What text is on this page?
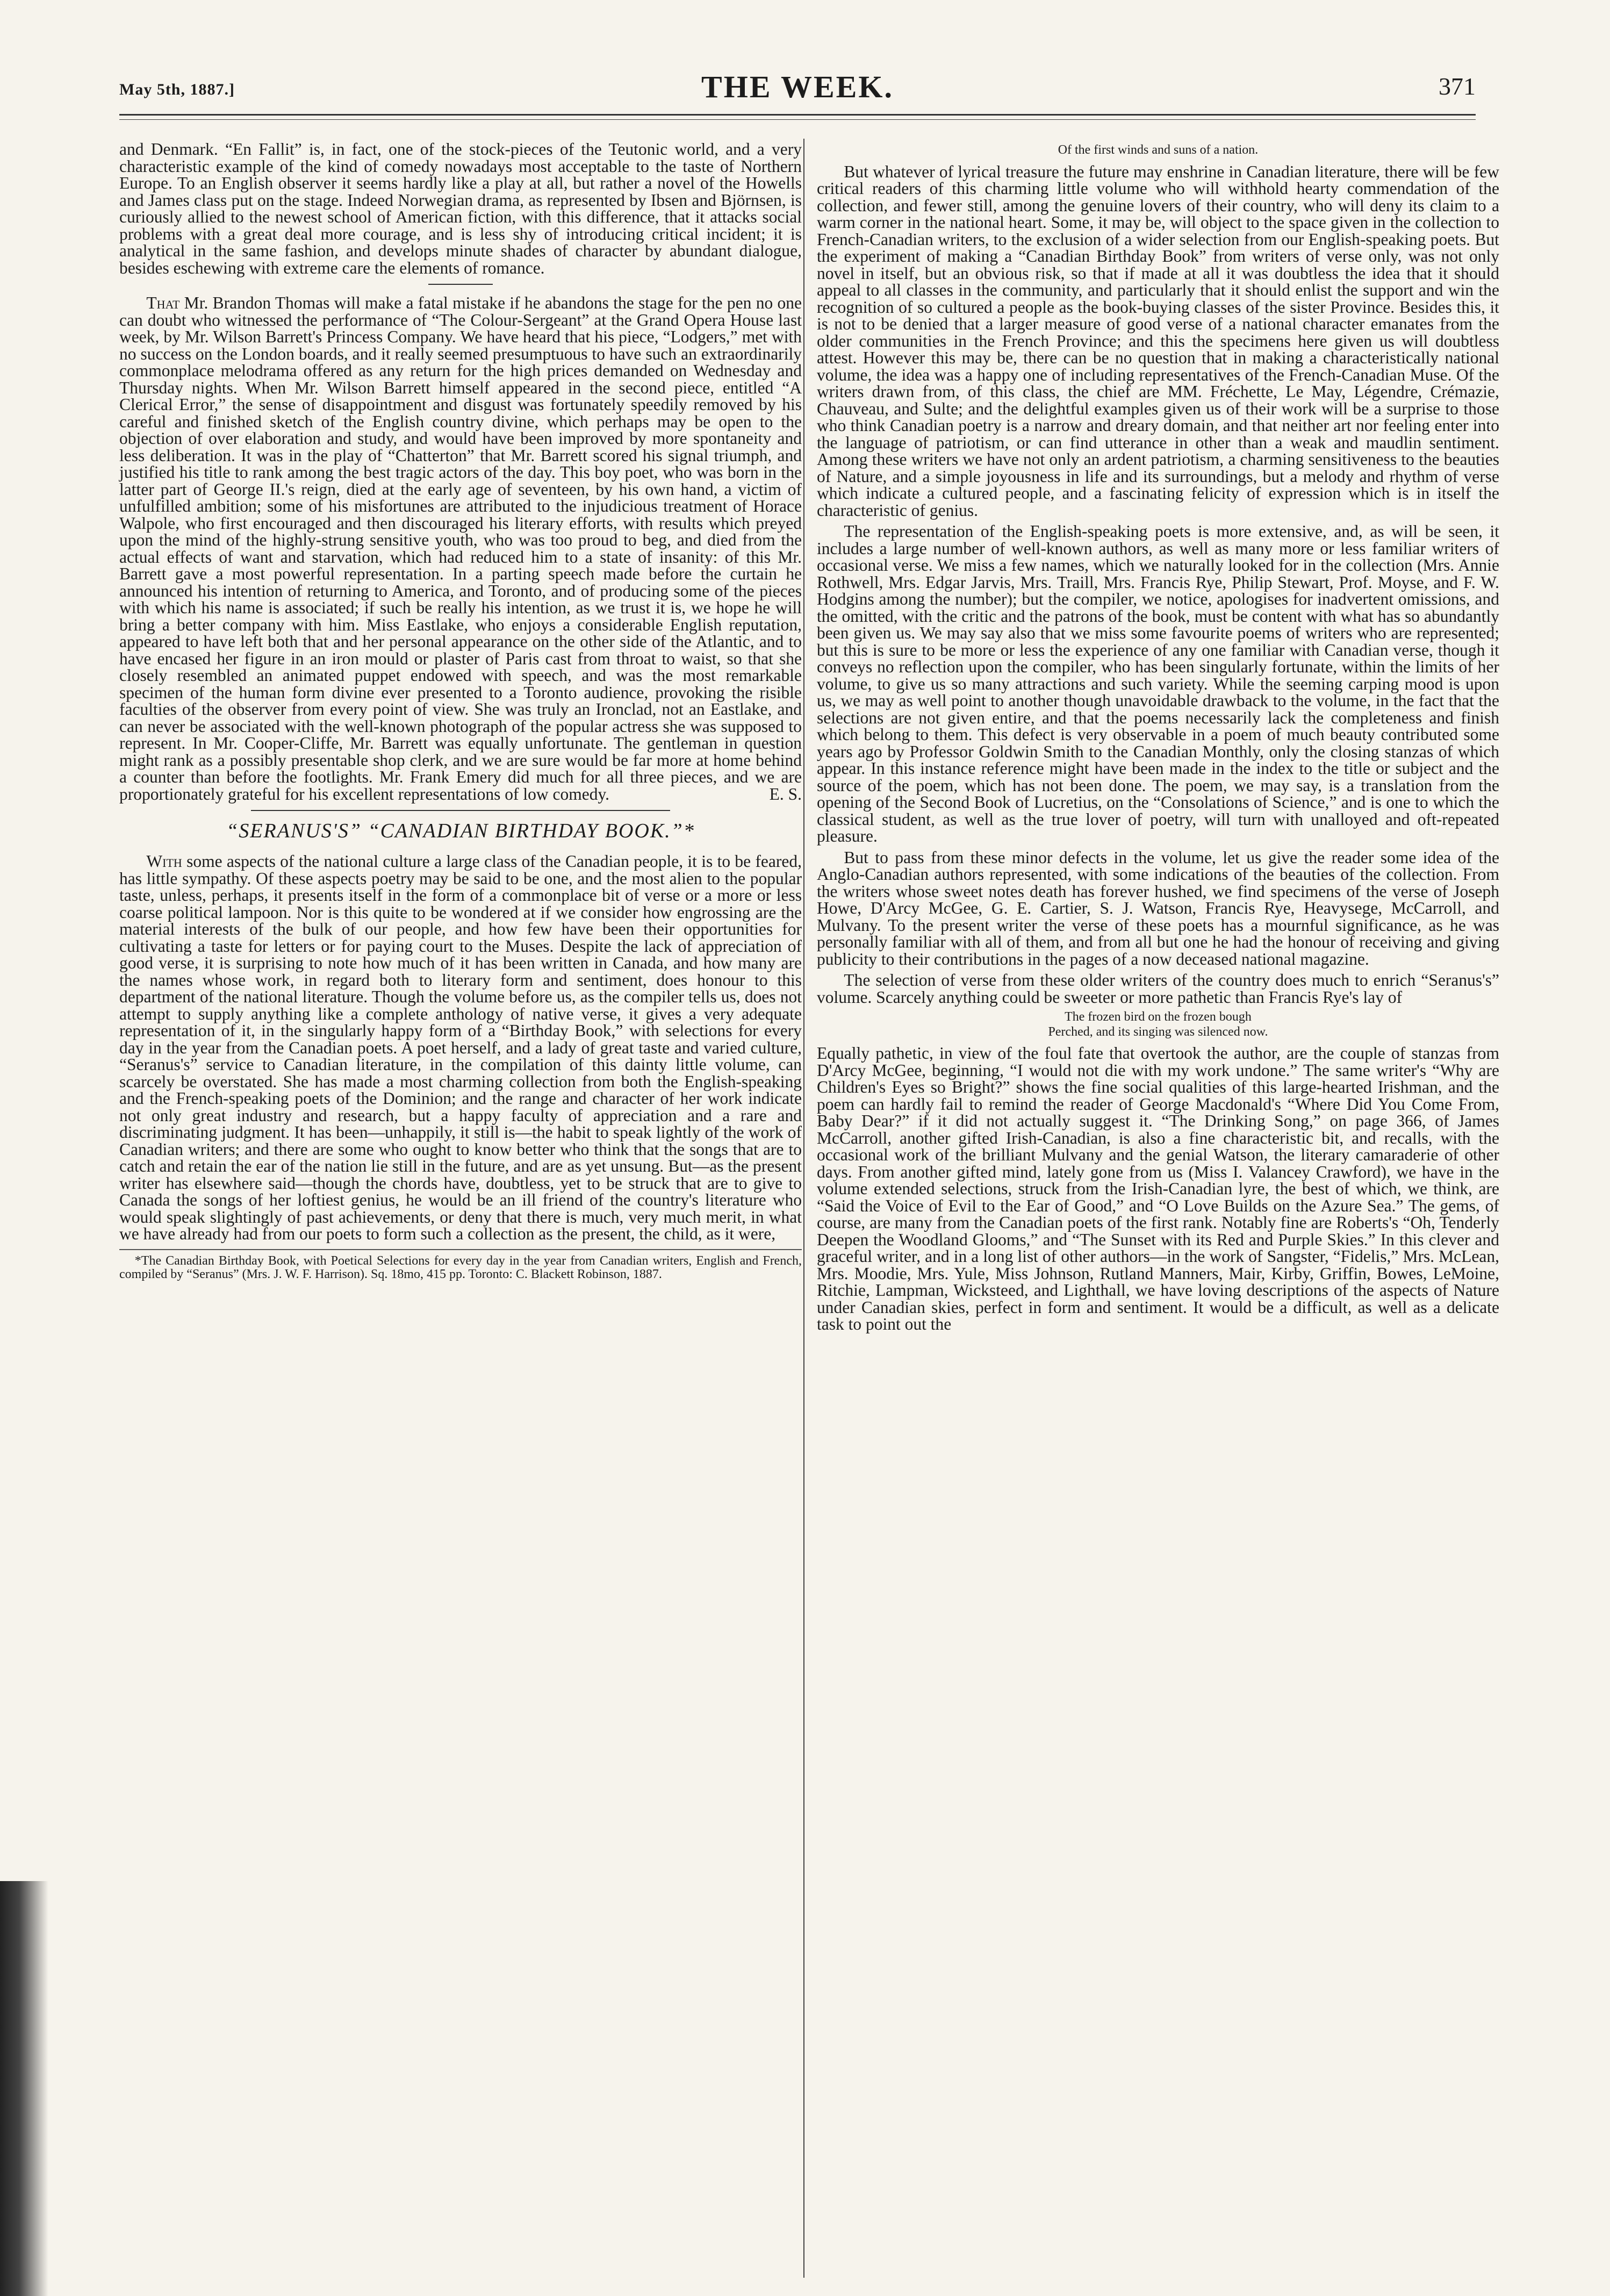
May 5th, 1887.]	THE WEEK.	371

and Denmark. “En Fallit” is, in fact, one of the stock-pieces of the Teutonic world, and a very characteristic example of the kind of comedy nowadays most acceptable to the taste of Northern Europe. To an English observer it seems hardly like a play at all, but rather a novel of the Howells and James class put on the stage. Indeed Norwegian drama, as represented by Ibsen and Björnsen, is curiously allied to the newest school of American fiction, with this difference, that it attacks social problems with a great deal more courage, and is less shy of introducing critical incident; it is analytical in the same fashion, and develops minute shades of character by abundant dialogue, besides eschewing with extreme care the elements of romance.

That Mr. Brandon Thomas will make a fatal mistake if he abandons the stage for the pen no one can doubt who witnessed the performance of “The Colour-Sergeant” at the Grand Opera House last week, by Mr. Wilson Barrett's Princess Company. We have heard that his piece, “Lodgers,” met with no success on the London boards, and it really seemed presumptuous to have such an extraordinarily commonplace melodrama offered as any return for the high prices demanded on Wednesday and Thursday nights. When Mr. Wilson Barrett himself appeared in the second piece, entitled “A Clerical Error,” the sense of disappointment and disgust was fortunately speedily removed by his careful and finished sketch of the English country divine, which perhaps may be open to the objection of over elaboration and study, and would have been improved by more spontaneity and less deliberation. It was in the play of “Chatterton” that Mr. Barrett scored his signal triumph, and justified his title to rank among the best tragic actors of the day. This boy poet, who was born in the latter part of George II.'s reign, died at the early age of seventeen, by his own hand, a victim of unfulfilled ambition; some of his misfortunes are attributed to the injudicious treatment of Horace Walpole, who first encouraged and then discouraged his literary efforts, with results which preyed upon the mind of the highly-strung sensitive youth, who was too proud to beg, and died from the actual effects of want and starvation, which had reduced him to a state of insanity: of this Mr. Barrett gave a most powerful representation. In a parting speech made before the curtain he announced his intention of returning to America, and Toronto, and of producing some of the pieces with which his name is associated; if such be really his intention, as we trust it is, we hope he will bring a better company with him. Miss Eastlake, who enjoys a considerable English reputation, appeared to have left both that and her personal appearance on the other side of the Atlantic, and to have encased her figure in an iron mould or plaster of Paris cast from throat to waist, so that she closely resembled an animated puppet endowed with speech, and was the most remarkable specimen of the human form divine ever presented to a Toronto audience, provoking the risible faculties of the observer from every point of view. She was truly an Ironclad, not an Eastlake, and can never be associated with the well-known photograph of the popular actress she was supposed to represent. In Mr. Cooper-Cliffe, Mr. Barrett was equally unfortunate. The gentleman in question might rank as a possibly presentable shop clerk, and we are sure would be far more at home behind a counter than before the footlights. Mr. Frank Emery did much for all three pieces, and we are proportionately grateful for his excellent representations of low comedy.	E. S.

“SERANUS'S” “CANADIAN BIRTHDAY BOOK.”*

With some aspects of the national culture a large class of the Canadian people, it is to be feared, has little sympathy. Of these aspects poetry may be said to be one, and the most alien to the popular taste, unless, perhaps, it presents itself in the form of a commonplace bit of verse or a more or less coarse political lampoon. Nor is this quite to be wondered at if we consider how engrossing are the material interests of the bulk of our people, and how few have been their opportunities for cultivating a taste for letters or for paying court to the Muses. Despite the lack of appreciation of good verse, it is surprising to note how much of it has been written in Canada, and how many are the names whose work, in regard both to literary form and sentiment, does honour to this department of the national literature. Though the volume before us, as the compiler tells us, does not attempt to supply anything like a complete anthology of native verse, it gives a very adequate representation of it, in the singularly happy form of a “Birthday Book,” with selections for every day in the year from the Canadian poets. A poet herself, and a lady of great taste and varied culture, “Seranus's” service to Canadian literature, in the compilation of this dainty little volume, can scarcely be overstated. She has made a most charming collection from both the English-speaking and the French-speaking poets of the Dominion; and the range and character of her work indicate not only great industry and research, but a happy faculty of appreciation and a rare and discriminating judgment. It has been—unhappily, it still is—the habit to speak lightly of the work of Canadian writers; and there are some who ought to know better who think that the songs that are to catch and retain the ear of the nation lie still in the future, and are as yet unsung. But—as the present writer has elsewhere said—though the chords have, doubtless, yet to be struck that are to give to Canada the songs of her loftiest genius, he would be an ill friend of the country's literature who would speak slightingly of past achievements, or deny that there is much, very much merit, in what we have already had from our poets to form such a collection as the present, the child, as it were,

*The Canadian Birthday Book, with Poetical Selections for every day in the year from Canadian writers, English and French, compiled by “Seranus” (Mrs. J. W. F. Harrison). Sq. 18mo, 415 pp. Toronto: C. Blackett Robinson, 1887.
Of the first winds and suns of a nation.

But whatever of lyrical treasure the future may enshrine in Canadian literature, there will be few critical readers of this charming little volume who will withhold hearty commendation of the collection, and fewer still, among the genuine lovers of their country, who will deny its claim to a warm corner in the national heart. Some, it may be, will object to the space given in the collection to French-Canadian writers, to the exclusion of a wider selection from our English-speaking poets. But the experiment of making a “Canadian Birthday Book” from writers of verse only, was not only novel in itself, but an obvious risk, so that if made at all it was doubtless the idea that it should appeal to all classes in the community, and particularly that it should enlist the support and win the recognition of so cultured a people as the book-buying classes of the sister Province. Besides this, it is not to be denied that a larger measure of good verse of a national character emanates from the older communities in the French Province; and this the specimens here given us will doubtless attest. However this may be, there can be no question that in making a characteristically national volume, the idea was a happy one of including representatives of the French-Canadian Muse. Of the writers drawn from, of this class, the chief are MM. Fréchette, Le May, Légendre, Crémazie, Chauveau, and Sulte; and the delightful examples given us of their work will be a surprise to those who think Canadian poetry is a narrow and dreary domain, and that neither art nor feeling enter into the language of patriotism, or can find utterance in other than a weak and maudlin sentiment. Among these writers we have not only an ardent patriotism, a charming sensitiveness to the beauties of Nature, and a simple joyousness in life and its surroundings, but a melody and rhythm of verse which indicate a cultured people, and a fascinating felicity of expression which is in itself the characteristic of genius.

The representation of the English-speaking poets is more extensive, and, as will be seen, it includes a large number of well-known authors, as well as many more or less familiar writers of occasional verse. We miss a few names, which we naturally looked for in the collection (Mrs. Annie Rothwell, Mrs. Edgar Jarvis, Mrs. Traill, Mrs. Francis Rye, Philip Stewart, Prof. Moyse, and F. W. Hodgins among the number); but the compiler, we notice, apologises for inadvertent omissions, and the omitted, with the critic and the patrons of the book, must be content with what has so abundantly been given us. We may say also that we miss some favourite poems of writers who are represented; but this is sure to be more or less the experience of any one familiar with Canadian verse, though it conveys no reflection upon the compiler, who has been singularly fortunate, within the limits of her volume, to give us so many attractions and such variety. While the seeming carping mood is upon us, we may as well point to another though unavoidable drawback to the volume, in the fact that the selections are not given entire, and that the poems necessarily lack the completeness and finish which belong to them. This defect is very observable in a poem of much beauty contributed some years ago by Professor Goldwin Smith to the Canadian Monthly, only the closing stanzas of which appear. In this instance reference might have been made in the index to the title or subject and the source of the poem, which has not been done. The poem, we may say, is a translation from the opening of the Second Book of Lucretius, on the “Consolations of Science,” and is one to which the classical student, as well as the true lover of poetry, will turn with unalloyed and oft-repeated pleasure.

But to pass from these minor defects in the volume, let us give the reader some idea of the Anglo-Canadian authors represented, with some indications of the beauties of the collection. From the writers whose sweet notes death has forever hushed, we find specimens of the verse of Joseph Howe, D'Arcy McGee, G. E. Cartier, S. J. Watson, Francis Rye, Heavysege, McCarroll, and Mulvany. To the present writer the verse of these poets has a mournful significance, as he was personally familiar with all of them, and from all but one he had the honour of receiving and giving publicity to their contributions in the pages of a now deceased national magazine.

The selection of verse from these older writers of the country does much to enrich “Seranus's” volume. Scarcely anything could be sweeter or more pathetic than Francis Rye's lay of

The frozen bird on the frozen bough
Perched, and its singing was silenced now.

Equally pathetic, in view of the foul fate that overtook the author, are the couple of stanzas from D'Arcy McGee, beginning, “I would not die with my work undone.” The same writer's “Why are Children's Eyes so Bright?” shows the fine social qualities of this large-hearted Irishman, and the poem can hardly fail to remind the reader of George Macdonald's “Where Did You Come From, Baby Dear?” if it did not actually suggest it. “The Drinking Song,” on page 366, of James McCarroll, another gifted Irish-Canadian, is also a fine characteristic bit, and recalls, with the occasional work of the brilliant Mulvany and the genial Watson, the literary camaraderie of other days. From another gifted mind, lately gone from us (Miss I. Valancey Crawford), we have in the volume extended selections, struck from the Irish-Canadian lyre, the best of which, we think, are “Said the Voice of Evil to the Ear of Good,” and “O Love Builds on the Azure Sea.” The gems, of course, are many from the Canadian poets of the first rank. Notably fine are Roberts's “Oh, Tenderly Deepen the Woodland Glooms,” and “The Sunset with its Red and Purple Skies.” In this clever and graceful writer, and in a long list of other authors—in the work of Sangster, “Fidelis,” Mrs. McLean, Mrs. Moodie, Mrs. Yule, Miss Johnson, Rutland Manners, Mair, Kirby, Griffin, Bowes, LeMoine, Ritchie, Lampman, Wicksteed, and Lighthall, we have loving descriptions of the aspects of Nature under Canadian skies, perfect in form and sentiment. It would be a difficult, as well as a delicate task to point out the
